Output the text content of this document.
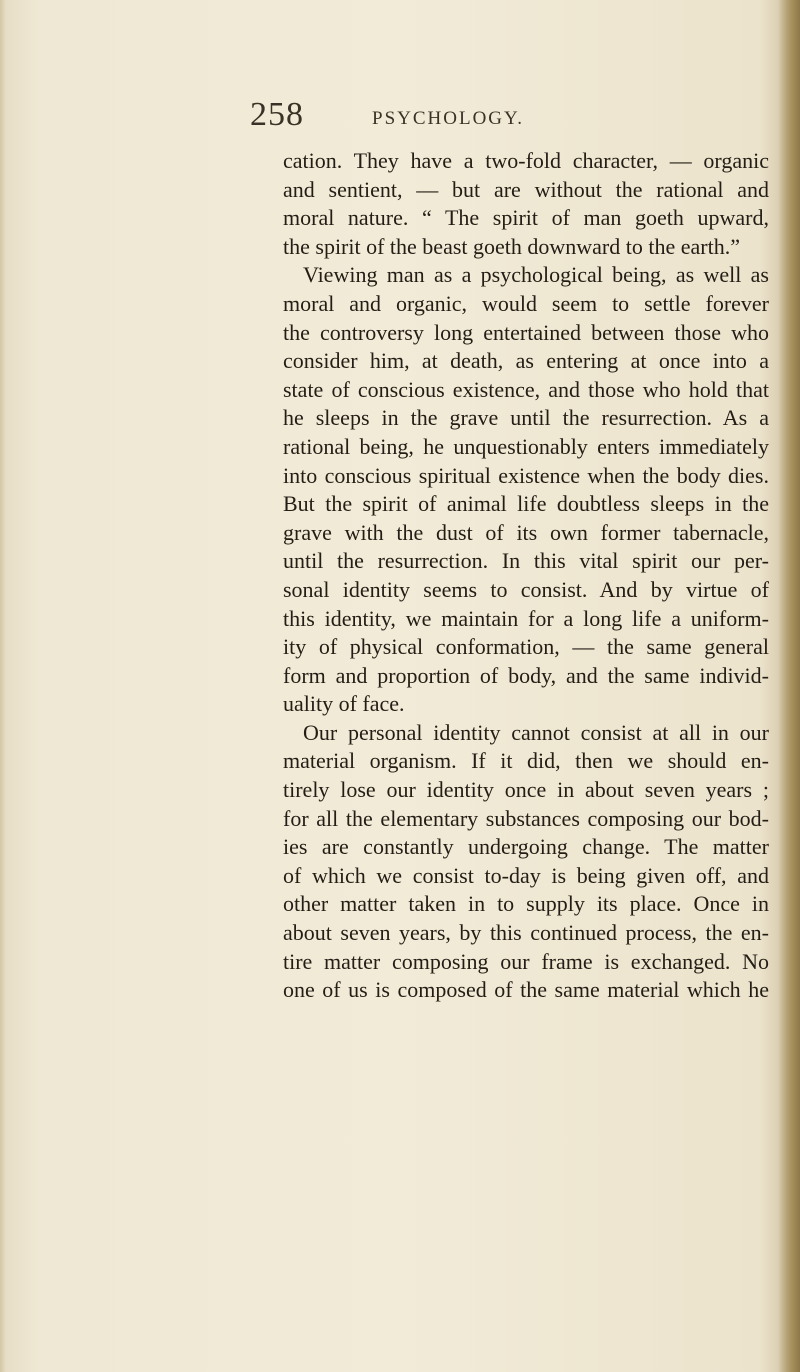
258	PSYCHOLOGY.
cation. They have a two-fold character, — organic
and sentient, — but are without the rational and
moral nature. “ The spirit of man goeth upward,
the spirit of the beast goeth downward to the earth.”
Viewing man as a psychological being, as well as
moral and organic, would seem to settle forever
the controversy long entertained between those who
consider him, at death, as entering at once into a
state of conscious existence, and those who hold that
he sleeps in the grave until the resurrection. As a
rational being, he unquestionably enters immediately
into conscious spiritual existence when the body dies.
But the spirit of animal life doubtless sleeps in the
grave with the dust of its own former tabernacle,
until the resurrection. In this vital spirit our per-
sonal identity seems to consist. And by virtue of
this identity, we maintain for a long life a uniform-
ity of physical conformation, — the same general
form and proportion of body, and the same individ-
uality of face.
Our personal identity cannot consist at all in our
material organism. If it did, then we should en-
tirely lose our identity once in about seven years ;
for all the elementary substances composing our bod-
ies are constantly undergoing change. The matter
of which we consist to-day is being given off, and
other matter taken in to supply its place. Once in
about seven years, by this continued process, the en-
tire matter composing our frame is exchanged. No
one of us is composed of the same material which he
